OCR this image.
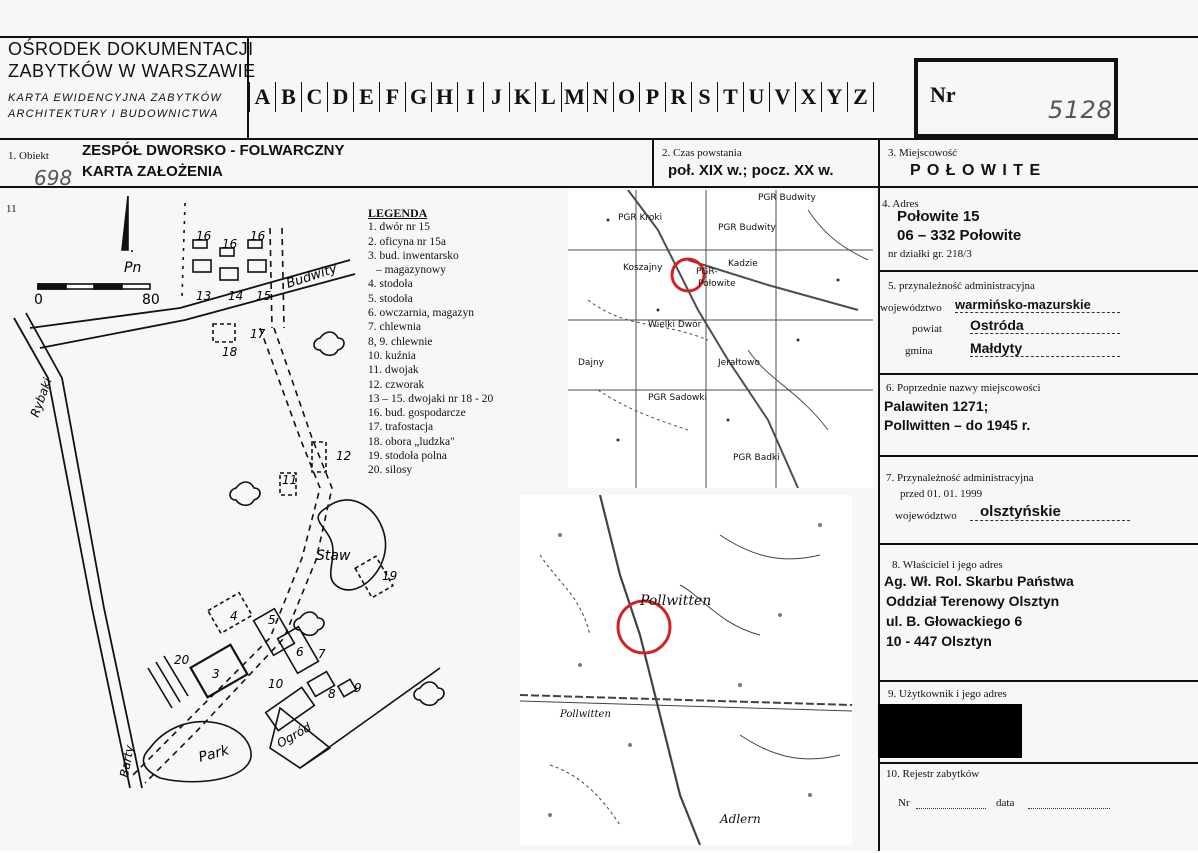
OŚRODEK DOKUMENTACJI
ZABYTKÓW W WARSZAWIE
KARTA EWIDENCYJNA ZABYTKÓW
ARCHITEKTURY I BUDOWNICTWA
A B C D E F G H I J K L M N O P R S T U V X Y Z	Nr
5128
1. Obiekt ZESPÓŁ DWORSKO - FOLWARCZNY
KARTA ZAŁOŻENIA
698
2. Czas powstania
poł. XIX w.; pocz. XX w.
3. Miejscowość
P O Ł O W I T E
4. Adres
Połowite 15
06 – 332 Połowite
nr działki gr. 218/3
5. przynależność administracyjna
województwo warmińsko-mazurskie
powiat Ostróda
gmina	Małdyty
6. Poprzednie nazwy miejscowości
Palawiten 1271;
Pollwitten – do 1945 r.
7. Przynależność administracyjna
przed 01. 01. 1999
województwo	olsztyńskie
8. Właściciel i jego adres
Ag. Wł. Rol. Skarbu Państwa
Oddział Terenowy Olsztyn
ul. B. Głowackiego 6
10 - 447 Olsztyn
9. Użytkownik i jego adres
10. Rejestr zabytków
Nr	data
11	LEGENDA
1. dwór nr 15
2. oficyna nr 15a
3. bud. inwentarsko
– magazynowy
4. stodoła
5. stodoła
6. owczarnia, magazyn
7. chlewnia
8, 9. chlewnie
10. kuźnia
11. dwojak
12. czworak
13 – 15. dwojaki nr 18 - 20
16. bud. gospodarcze
17. trafostacja
18. obora „ludzka"
19. stodoła polna
20. silosy
Pn
0	80
Budwity
Rybaki
Barty
Staw
Park
Ogród
16
16
16
13 14 15
17
18
12
11
19
4	5
6
20
3
10
7
8 9
PGR Budwity
PGR Kroki
PGR Budwity
Koszajny	PGR-
Połowite
Kadzie
Wielki Dwór
Dajny
PGR Sadowki
Jerałtowo
PGR Badki
Pollwitten
Pollwitten
Adlern
